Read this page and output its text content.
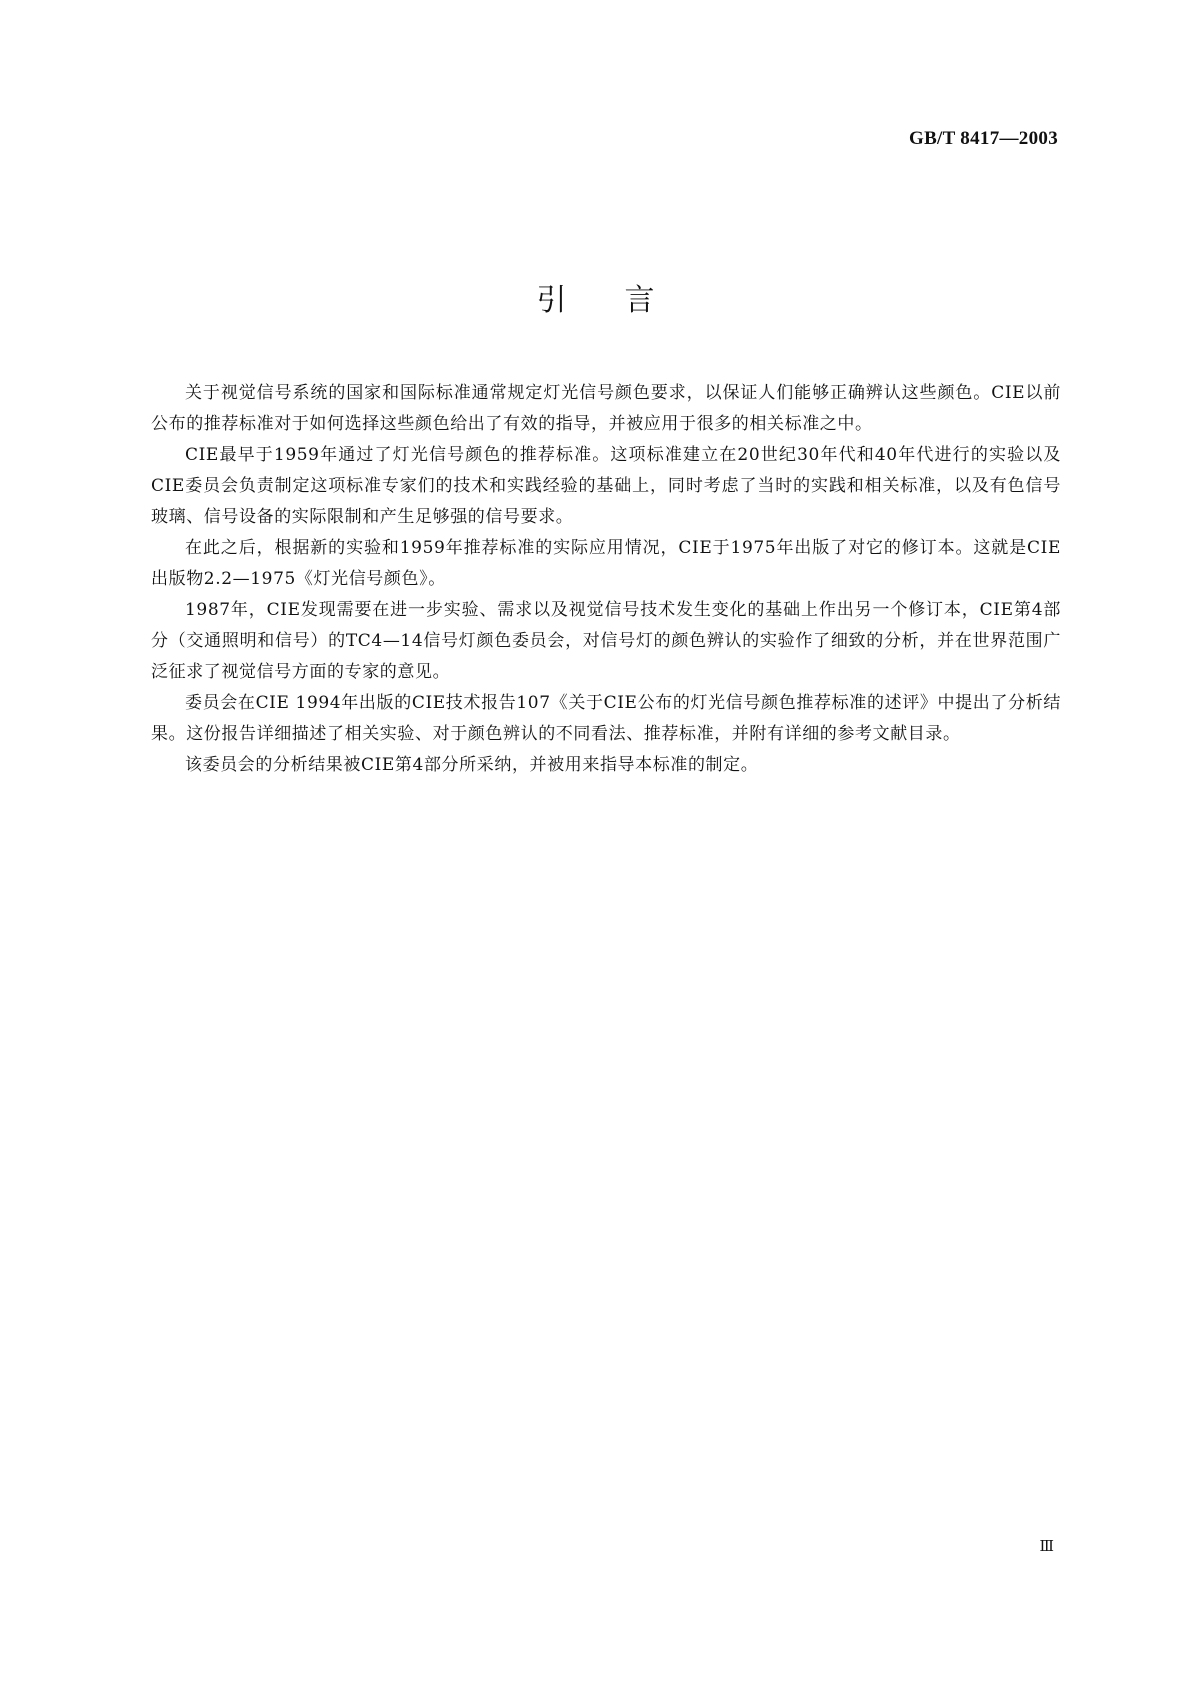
GB/T 8417—2003
引言

关于视觉信号系统的国家和国际标准通常规定灯光信号颜色要求，以保证人们能够正确辨认这些颜色。CIE以前公布的推荐标准对于如何选择这些颜色给出了有效的指导，并被应用于很多的相关标准之中。

CIE最早于1959年通过了灯光信号颜色的推荐标准。这项标准建立在20世纪30年代和40年代进行的实验以及CIE委员会负责制定这项标准专家们的技术和实践经验的基础上，同时考虑了当时的实践和相关标准，以及有色信号玻璃、信号设备的实际限制和产生足够强的信号要求。

在此之后，根据新的实验和1959年推荐标准的实际应用情况，CIE于1975年出版了对它的修订本。这就是CIE出版物2.2—1975《灯光信号颜色》。

1987年，CIE发现需要在进一步实验、需求以及视觉信号技术发生变化的基础上作出另一个修订本，CIE第4部分（交通照明和信号）的TC4—14信号灯颜色委员会，对信号灯的颜色辨认的实验作了细致的分析，并在世界范围广泛征求了视觉信号方面的专家的意见。

委员会在CIE 1994年出版的CIE技术报告107《关于CIE公布的灯光信号颜色推荐标准的述评》中提出了分析结果。这份报告详细描述了相关实验、对于颜色辨认的不同看法、推荐标准，并附有详细的参考文献目录。

该委员会的分析结果被CIE第4部分所采纳，并被用来指导本标准的制定。

Ⅲ
